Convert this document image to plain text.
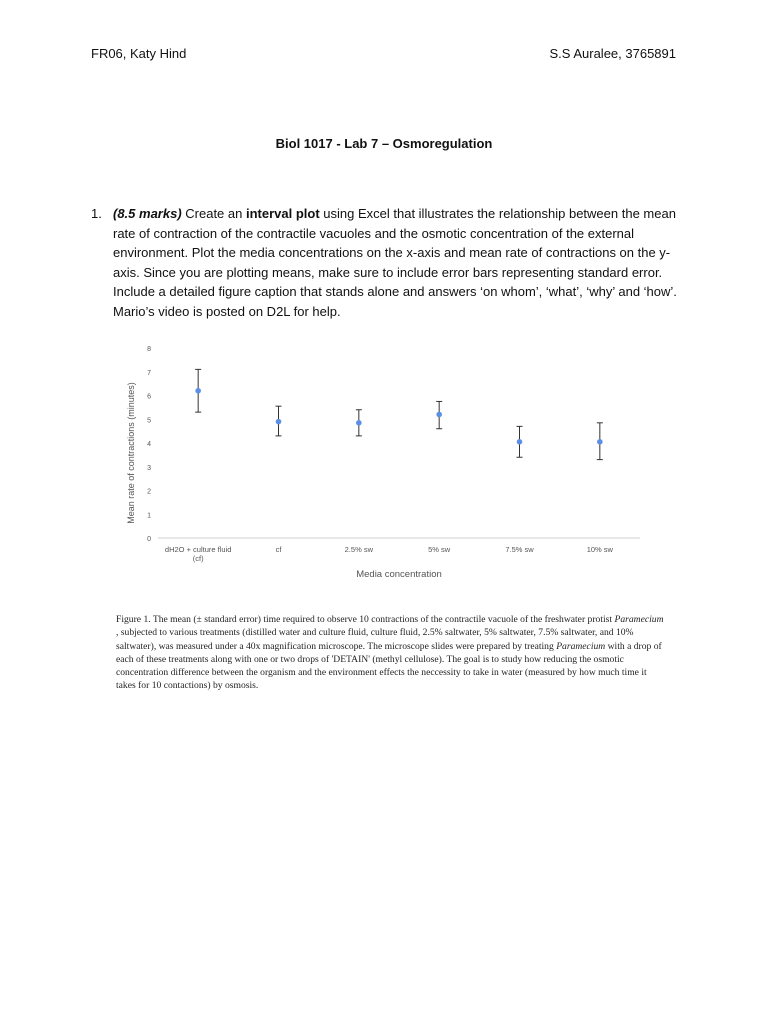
FR06, Katy Hind	S.S Auralee, 3765891
Biol 1017 - Lab 7 – Osmoregulation
1. (8.5 marks) Create an interval plot using Excel that illustrates the relationship between the mean rate of contraction of the contractile vacuoles and the osmotic concentration of the external environment. Plot the media concentrations on the x-axis and mean rate of contractions on the y-axis. Since you are plotting means, make sure to include error bars representing standard error. Include a detailed figure caption that stands alone and answers ‘on whom’, ‘what’, ‘why’ and ‘how’. Mario’s video is posted on D2L for help.
0
1
2
3
4
5
6
7
8
dH2O + culture fluid (cf)
cf	2.5% sw	5% sw	7.5% sw	10% sw
Media concentration
Mean rate of contractions (minutes)
Figure 1. The mean (± standard error) time required to observe 10 contractions of the contractile vacuole of the freshwater protist Paramecium , subjected to various treatments (distilled water and culture fluid, culture fluid, 2.5% saltwater, 5% saltwater, 7.5% saltwater, and 10% saltwater), was measured under a 40x magnification microscope. The microscope slides were prepared by treating Paramecium with a drop of each of these treatments along with one or two drops of 'DETAIN' (methyl cellulose). The goal is to study how reducing the osmotic concentration difference between the organism and the environment effects the neccessity to take in water (measured by how much time it takes for 10 contactions) by osmosis.
